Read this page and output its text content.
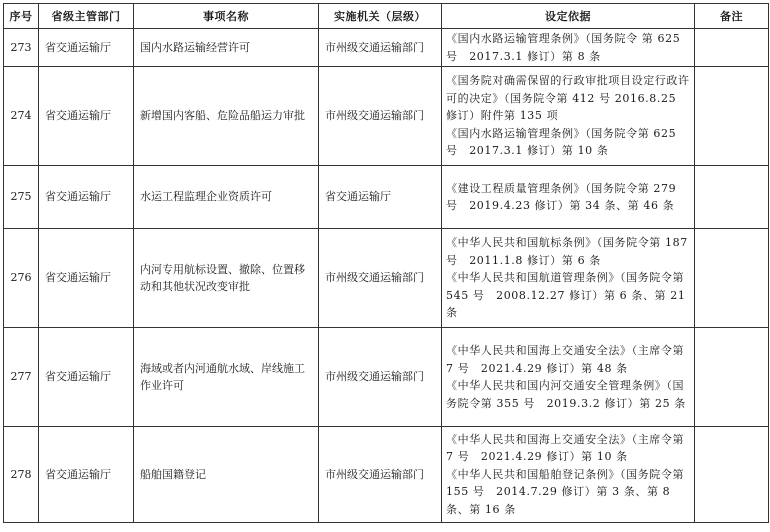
序号	省级主管部门	事项名称	实施机关（层级）	设定依据	备注
273	省交通运输厅	国内水路运输经营许可	市州级交通运输部门	《国内水路运输管理条例》（国务院令 第 625 号　2017.3.1 修订）第 8 条	

274	省交通运输厅	新增国内客船、危险品船运力审批	市州级交通运输部门	《国务院对确需保留的行政审批项目设定行政许可的决定》（国务院令第 412 号 2016.8.25 修订）附件第 135 项
《国内水路运输管理条例》（国务院令第 625 号　2017.3.1 修订）第 10 条	

275	省交通运输厅	水运工程监理企业资质许可	省交通运输厅	《建设工程质量管理条例》（国务院令第 279 号　2019.4.23 修订）第 34 条、第 46 条	

276	省交通运输厅	内河专用航标设置、撤除、位置移动和其他状况改变审批	市州级交通运输部门	《中华人民共和国航标条例》（国务院令第 187 号　2011.1.8 修订）第 6 条
《中华人民共和国航道管理条例》（国务院令第 545 号　2008.12.27 修订）第 6 条、第 21 条	

277	省交通运输厅	海域或者内河通航水域、岸线施工作业许可	市州级交通运输部门	《中华人民共和国海上交通安全法》（主席令第 7 号　2021.4.29 修订）第 48 条
《中华人民共和国内河交通安全管理条例》（国务院令第 355 号　2019.3.2 修订）第 25 条	

278	省交通运输厅	船舶国籍登记	市州级交通运输部门	《中华人民共和国海上交通安全法》（主席令第 7 号　2021.4.29 修订）第 10 条
《中华人民共和国船舶登记条例》（国务院令第 155 号　2014.7.29 修订）第 3 条、第 8 条、第 16 条	
